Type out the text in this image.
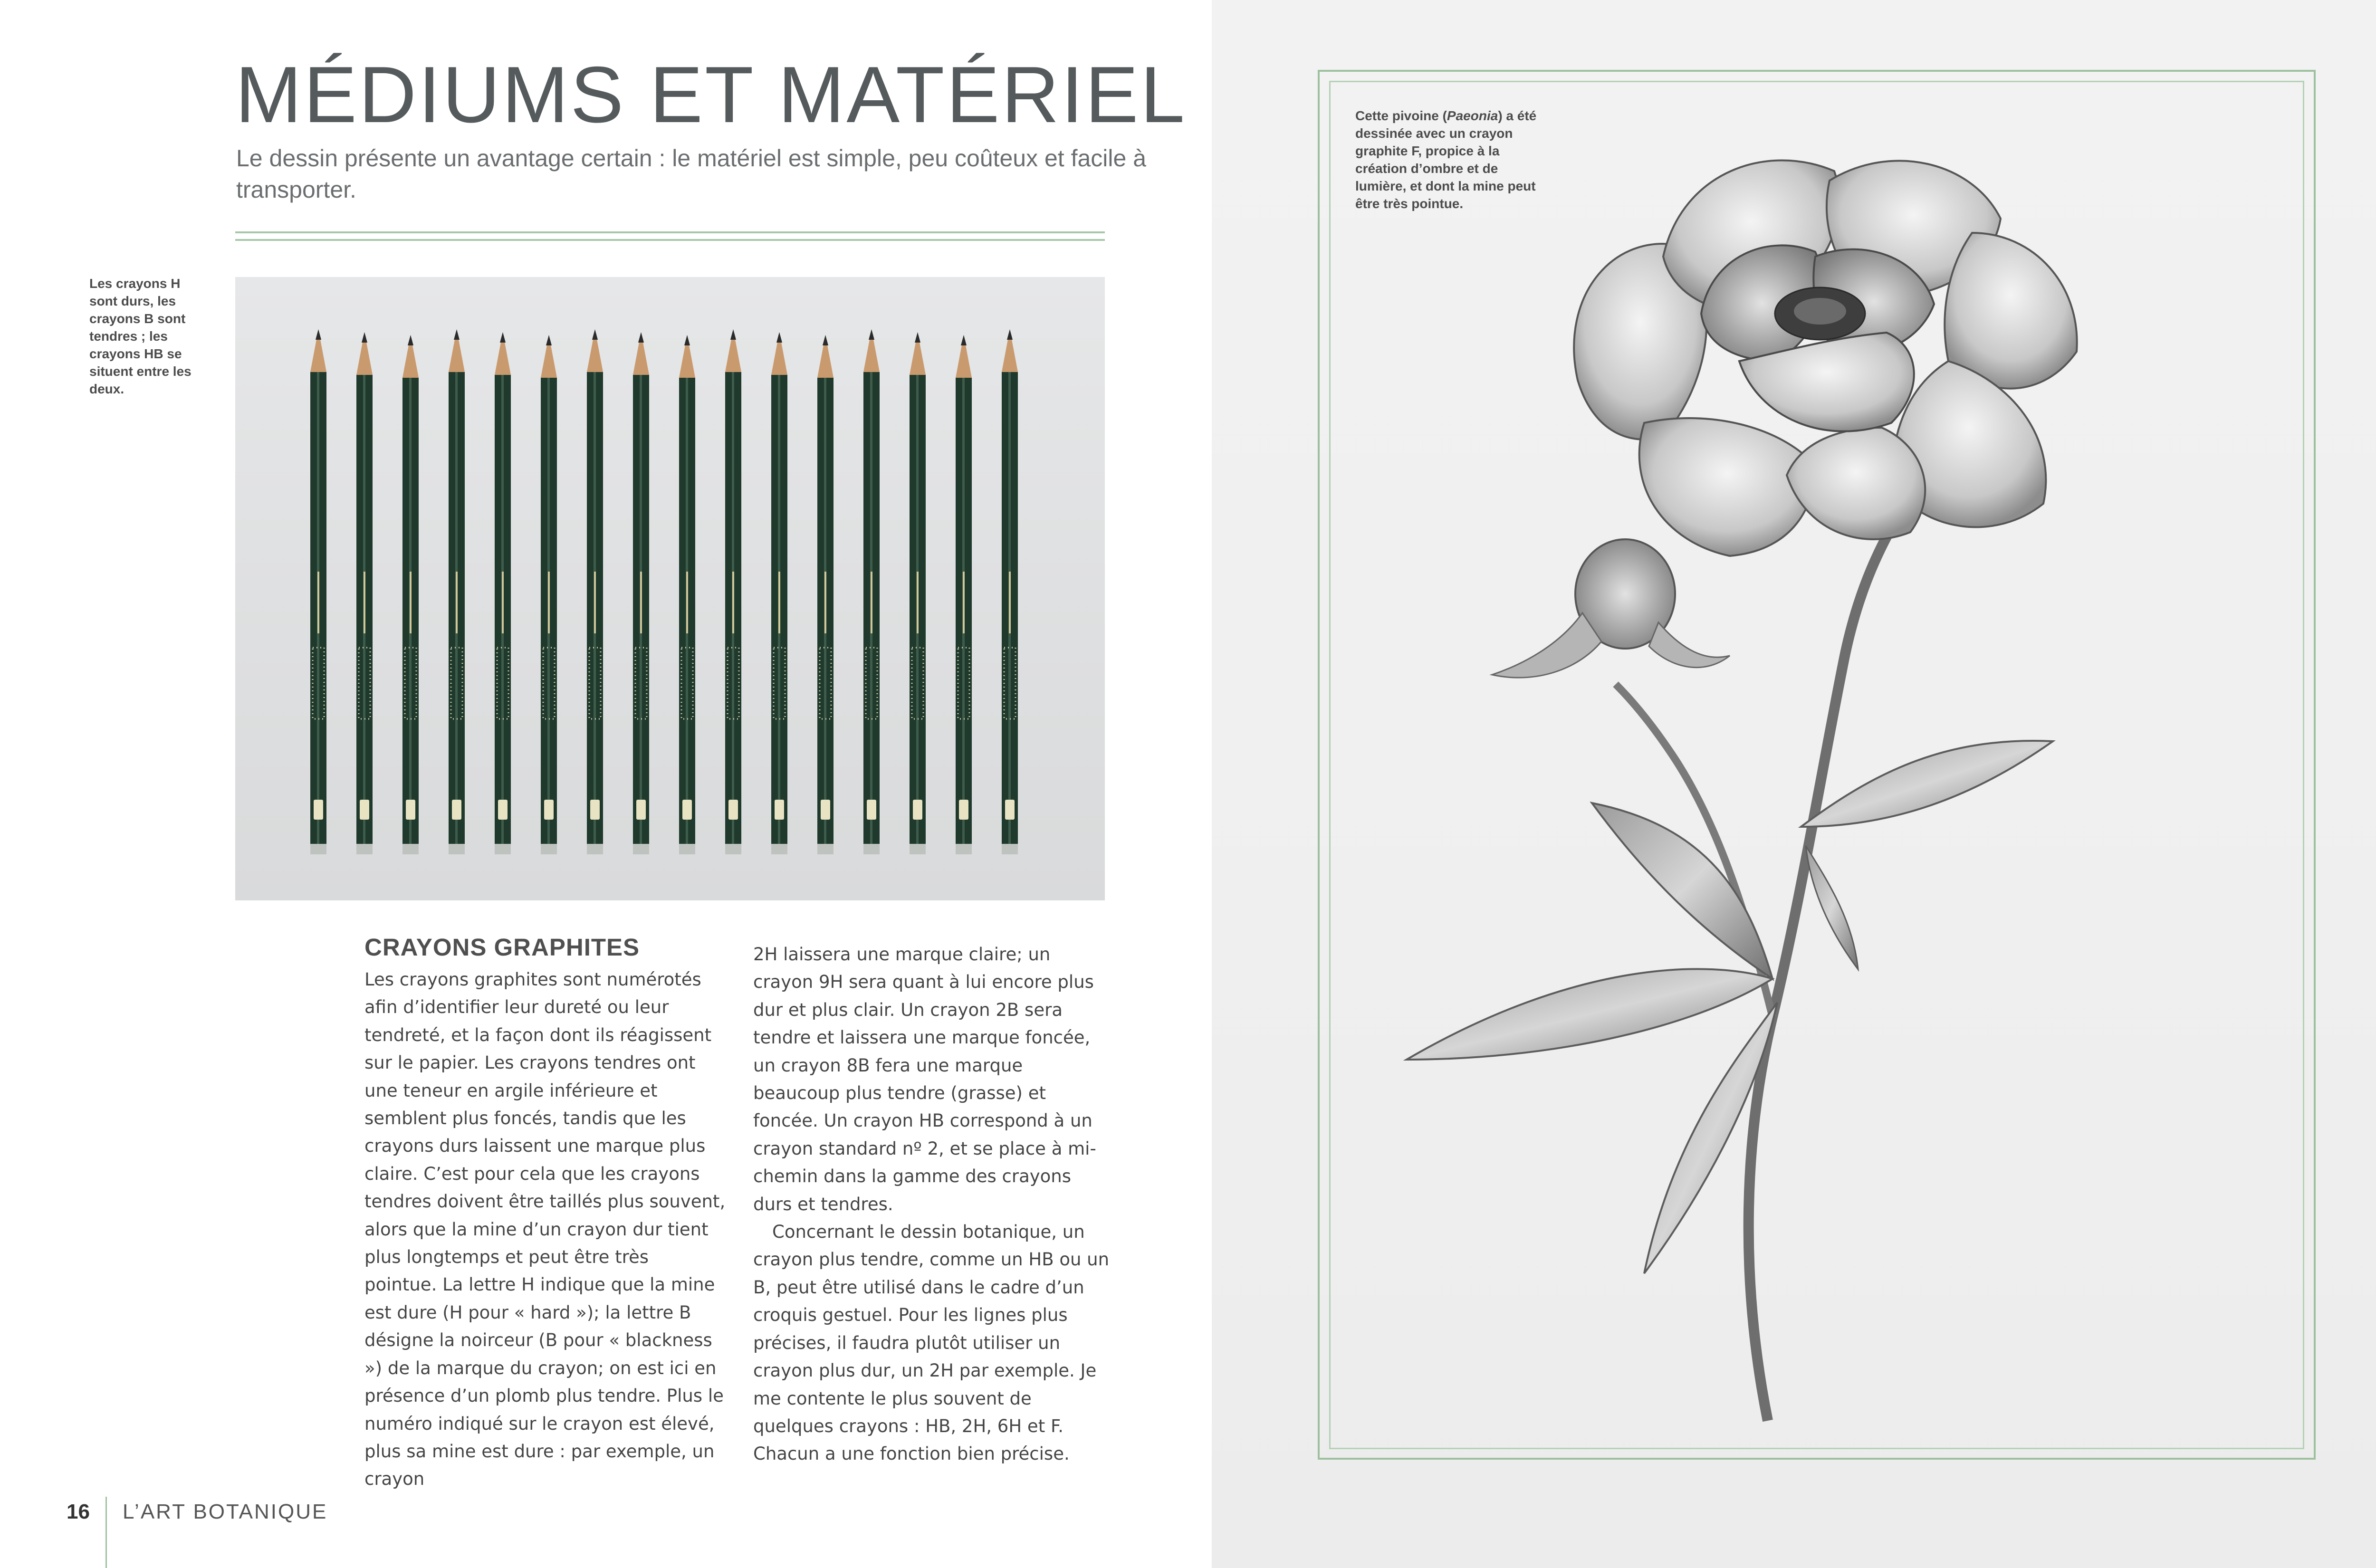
MÉDIUMS ET MATÉRIEL
Le dessin présente un avantage certain : le matériel est simple, peu coûteux et facile à transporter.
Les crayons H sont durs, les crayons B sont tendres ; les crayons HB se situent entre les deux.
CRAYONS GRAPHITES

Les crayons graphites sont numérotés afin d’identifier leur dureté ou leur tendreté, et la façon dont ils réagissent sur le papier. Les crayons tendres ont une teneur en argile inférieure et semblent plus foncés, tandis que les crayons durs laissent une marque plus claire. C’est pour cela que les crayons tendres doivent être taillés plus souvent, alors que la mine d’un crayon dur tient plus longtemps et peut être très pointue. La lettre H indique que la mine est dure (H pour « hard »); la lettre B désigne la noirceur (B pour « blackness ») de la marque du crayon; on est ici en présence d’un plomb plus tendre. Plus le numéro indiqué sur le crayon est élevé, plus sa mine est dure : par exemple, un crayon

2H laissera une marque claire; un crayon 9H sera quant à lui encore plus dur et plus clair. Un crayon 2B sera tendre et laissera une marque foncée, un crayon 8B fera une marque beaucoup plus tendre (grasse) et foncée. Un crayon HB correspond à un crayon standard nº 2, et se place à mi-chemin dans la gamme des crayons durs et tendres.

Concernant le dessin botanique, un crayon plus tendre, comme un HB ou un B, peut être utilisé dans le cadre d’un croquis gestuel. Pour les lignes plus précises, il faudra plutôt utiliser un crayon plus dur, un 2H par exemple. Je me contente le plus souvent de quelques crayons : HB, 2H, 6H et F. Chacun a une fonction bien précise.

16 L’ART BOTANIQUE
Cette pivoine (Paeonia) a été dessinée avec un crayon graphite F, propice à la création d’ombre et de lumière, et dont la mine peut être très pointue.
